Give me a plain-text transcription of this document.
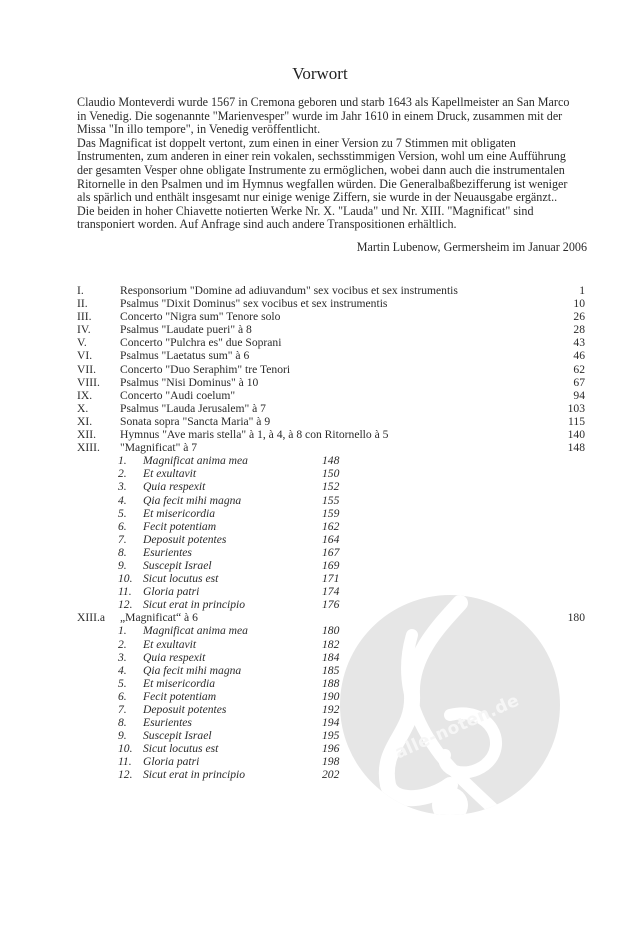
alle-noten.de
Vorwort
Claudio Monteverdi wurde 1567 in Cremona geboren und starb 1643 als Kapellmeister an San Marco
in Venedig. Die sogenannte "Marienvesper" wurde im Jahr 1610 in einem Druck, zusammen mit der
Missa "In illo tempore", in Venedig veröffentlicht.
Das Magnificat ist doppelt vertont, zum einen in einer Version zu 7 Stimmen mit obligaten
Instrumenten, zum anderen in einer rein vokalen, sechsstimmigen Version, wohl um eine Aufführung
der gesamten Vesper ohne obligate Instrumente zu ermöglichen, wobei dann auch die instrumentalen
Ritornelle in den Psalmen und im Hymnus wegfallen würden. Die Generalbaßbezifferung ist weniger
als spärlich und enthält insgesamt nur einige wenige Ziffern, sie wurde in der Neuausgabe ergänzt..
Die beiden in hoher Chiavette notierten Werke Nr. X. "Lauda" und Nr. XIII. "Magnificat" sind
transponiert worden. Auf Anfrage sind auch andere Transpositionen erhältlich.
Martin Lubenow, Germersheim im Januar 2006
I.	Responsorium "Domine ad adiuvandum" sex vocibus et sex instrumentis	1
II.	Psalmus "Dixit Dominus" sex vocibus et sex instrumentis	10
III. Concerto "Nigra sum" Tenore solo	26
IV.	Psalmus "Laudate pueri" à 8	28
V.	Concerto "Pulchra es" due Soprani	43
VI. Psalmus "Laetatus sum" à 6	46
VII. Concerto "Duo Seraphim" tre Tenori	62
VIII. Psalmus "Nisi Dominus" à 10	67
IX. Concerto "Audi coelum"	94
X.	Psalmus "Lauda Jerusalem" à 7	103
XI. Sonata sopra "Sancta Maria" à 9	115
XII. Hymnus "Ave maris stella" à 1, à 4, à 8 con Ritornello à 5	140
XIII. "Magnificat" à 7	148
1. Magnificat anima mea	148
2. Et exultavit	150
3. Quia respexit	152
4. Qia fecit mihi magna	155
5. Et misericordia	159
6. Fecit potentiam	162
7. Deposuit potentes	164
8. Esurientes	167
9. Suscepit Israel	169
10. Sicut locutus est	171
11. Gloria patri	174
12. Sicut erat in principio	176
XIII.a „Magnificat“ à 6	180
1. Magnificat anima mea	180
2. Et exultavit	182
3. Quia respexit	184
4. Qia fecit mihi magna	185
5. Et misericordia	188
6. Fecit potentiam	190
7. Deposuit potentes	192
8. Esurientes	194
9. Suscepit Israel	195
10. Sicut locutus est	196
11. Gloria patri	198
12. Sicut erat in principio	202
